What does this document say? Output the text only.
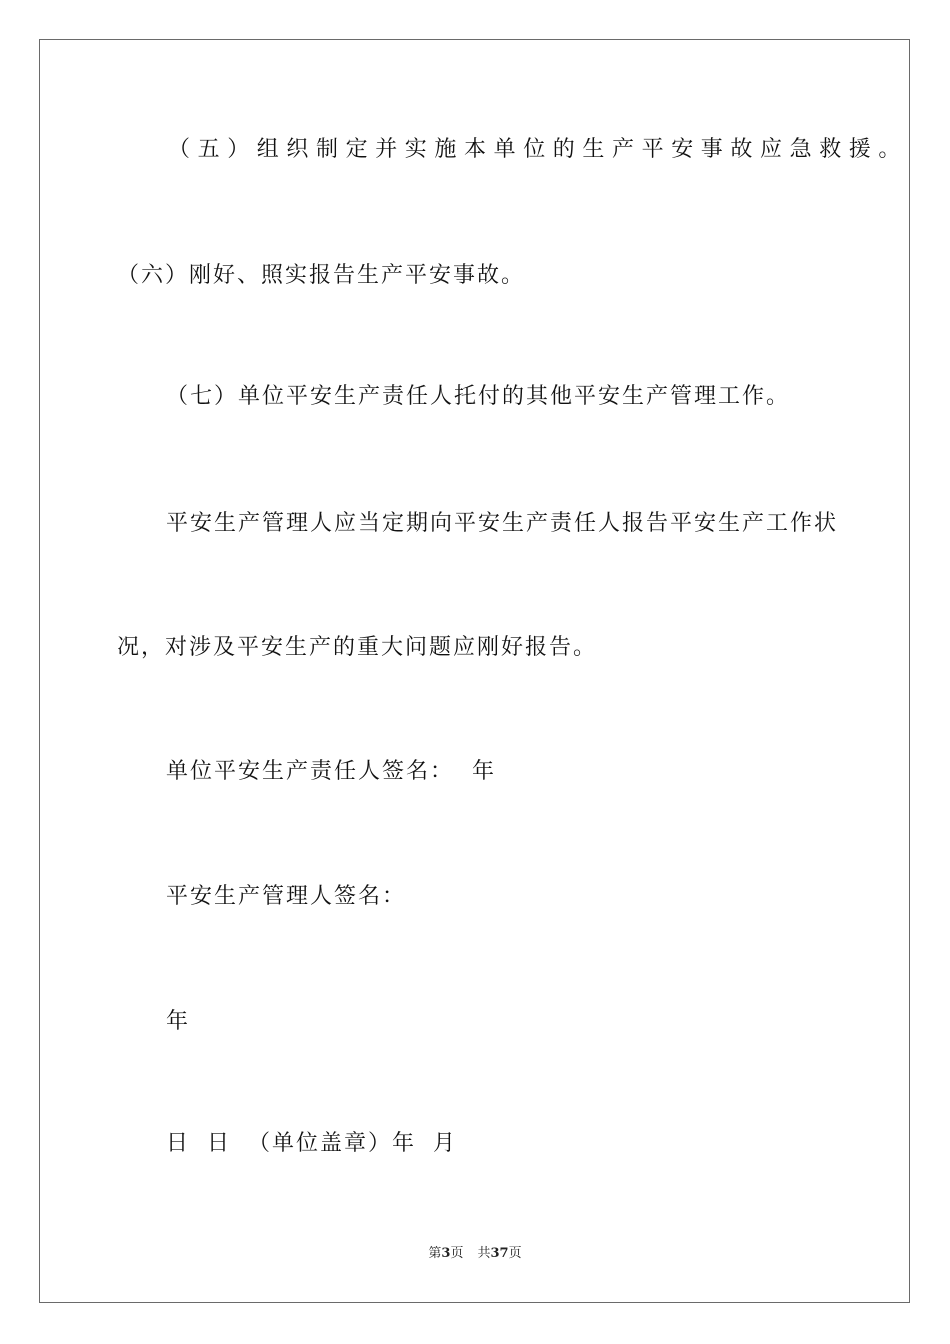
（五）组织制定并实施本单位的生产平安事故应急救援。

（六）刚好、照实报告生产平安事故。

（七）单位平安生产责任人托付的其他平安生产管理工作。

平安生产管理人应当定期向平安生产责任人报告平安生产工作状

况，对涉及平安生产的重大问题应刚好报告。

单位平安生产责任人签名：  年

平安生产管理人签名：

年

日 日 （单位盖章）年 月

第3页 共37页
